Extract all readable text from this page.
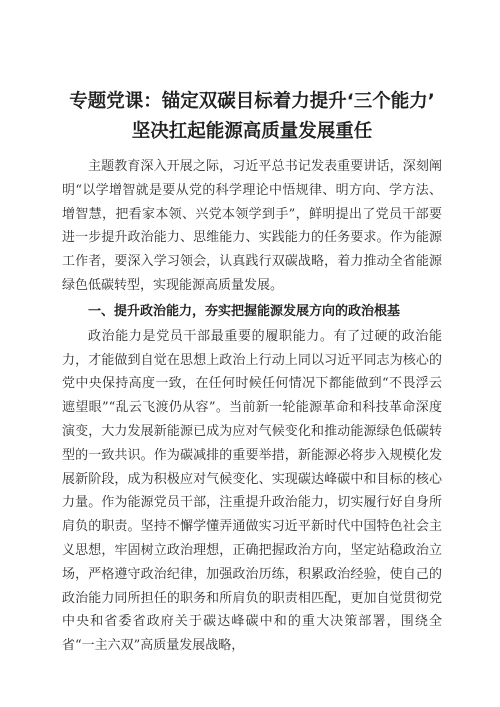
专题党课：锚定双碳目标着力提升‘三个能力’
坚决扛起能源高质量发展重任

主题教育深入开展之际，习近平总书记发表重要讲话，深刻阐明“以学增智就是要从党的科学理论中悟规律、明方向、学方法、增智慧，把看家本领、兴党本领学到手”，鲜明提出了党员干部要进一步提升政治能力、思维能力、实践能力的任务要求。作为能源工作者，要深入学习领会，认真践行双碳战略，着力推动全省能源绿色低碳转型，实现能源高质量发展。

一、提升政治能力，夯实把握能源发展方向的政治根基

政治能力是党员干部最重要的履职能力。有了过硬的政治能力，才能做到自觉在思想上政治上行动上同以习近平同志为核心的党中央保持高度一致，在任何时候任何情况下都能做到“不畏浮云遮望眼”“乱云飞渡仍从容”。当前新一轮能源革命和科技革命深度演变，大力发展新能源已成为应对气候变化和推动能源绿色低碳转型的一致共识。作为碳减排的重要举措，新能源必将步入规模化发展新阶段，成为积极应对气候变化、实现碳达峰碳中和目标的核心力量。作为能源党员干部，注重提升政治能力，切实履行好自身所肩负的职责。坚持不懈学懂弄通做实习近平新时代中国特色社会主义思想，牢固树立政治理想，正确把握政治方向，坚定站稳政治立场，严格遵守政治纪律，加强政治历练，积累政治经验，使自己的政治能力同所担任的职务和所肩负的职责相匹配，更加自觉贯彻党中央和省委省政府关于碳达峰碳中和的重大决策部署，围绕全省“一主六双”高质量发展战略，
